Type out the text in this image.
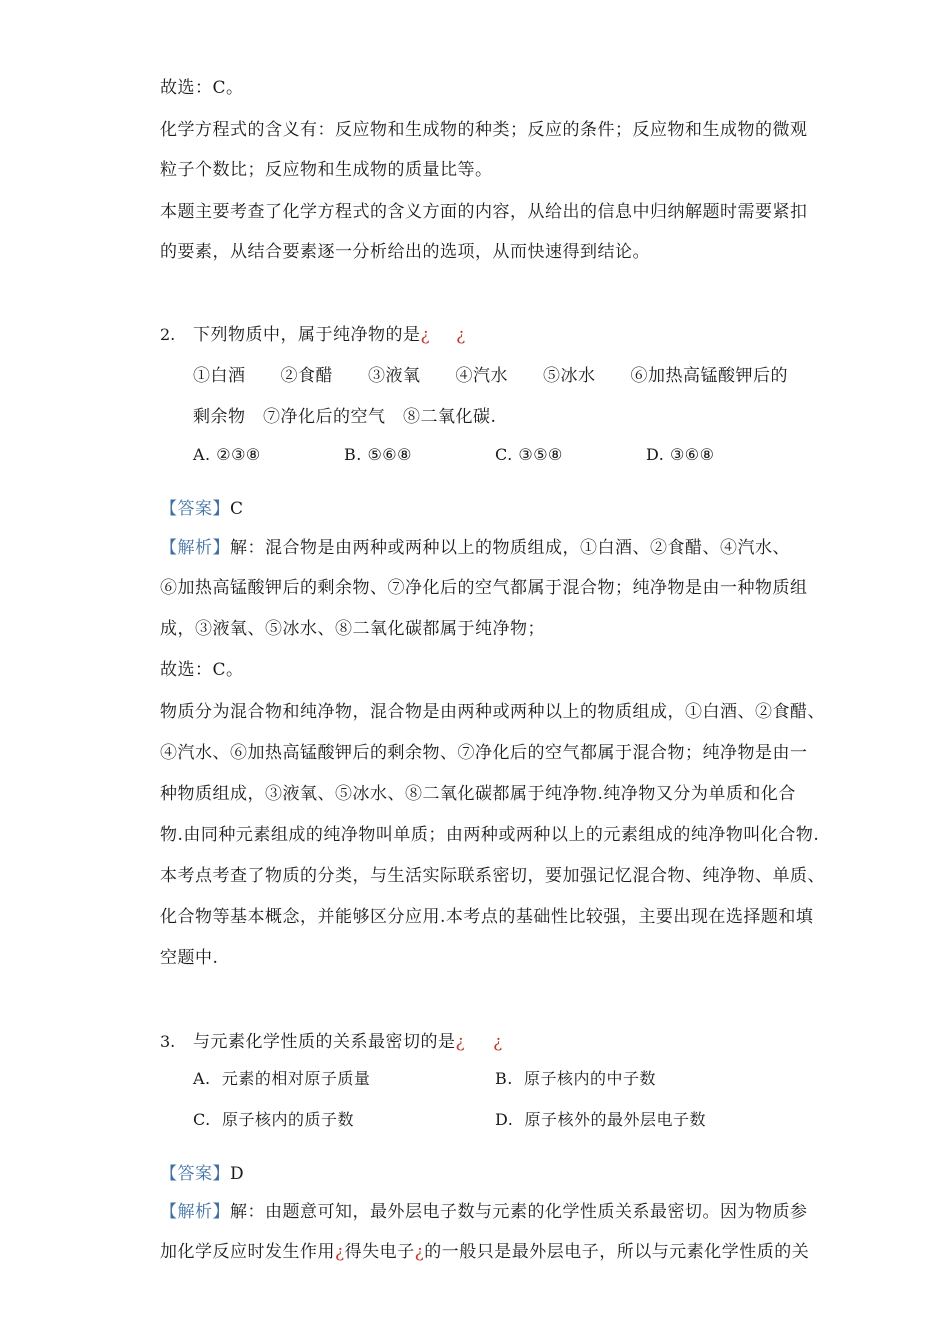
故选：C。
化学方程式的含义有：反应物和生成物的种类；反应的条件；反应物和生成物的微观
粒子个数比；反应物和生成物的质量比等。
本题主要考查了化学方程式的含义方面的内容，从给出的信息中归纳解题时需要紧扣
的要素，从结合要素逐一分析给出的选项，从而快速得到结论。
2. 下列物质中，属于纯净物的是¿ ¿
①白酒　　②食醋　　③液氧　　④汽水　　⑤冰水　　⑥加热高锰酸钾后的
剩余物　⑦净化后的空气　⑧二氧化碳.
A. ②③⑧	B. ⑤⑥⑧	C. ③⑤⑧	D. ③⑥⑧
【答案】C
【解析】解：混合物是由两种或两种以上的物质组成，①白酒、②食醋、④汽水、
⑥加热高锰酸钾后的剩余物、⑦净化后的空气都属于混合物；纯净物是由一种物质组
成，③液氧、⑤冰水、⑧二氧化碳都属于纯净物；
故选：C。
物质分为混合物和纯净物，混合物是由两种或两种以上的物质组成，①白酒、②食醋、
④汽水、⑥加热高锰酸钾后的剩余物、⑦净化后的空气都属于混合物；纯净物是由一
种物质组成，③液氧、⑤冰水、⑧二氧化碳都属于纯净物.纯净物又分为单质和化合
物.由同种元素组成的纯净物叫单质；由两种或两种以上的元素组成的纯净物叫化合物.
本考点考查了物质的分类，与生活实际联系密切，要加强记忆混合物、纯净物、单质、
化合物等基本概念，并能够区分应用.本考点的基础性比较强，主要出现在选择题和填
空题中.
3. 与元素化学性质的关系最密切的是¿ ¿
A. 元素的相对原子质量	B. 原子核内的中子数
C. 原子核内的质子数	D. 原子核外的最外层电子数
【答案】D
【解析】解：由题意可知，最外层电子数与元素的化学性质关系最密切。因为物质参
加化学反应时发生作用¿得失电子¿的一般只是最外层电子，所以与元素化学性质的关
